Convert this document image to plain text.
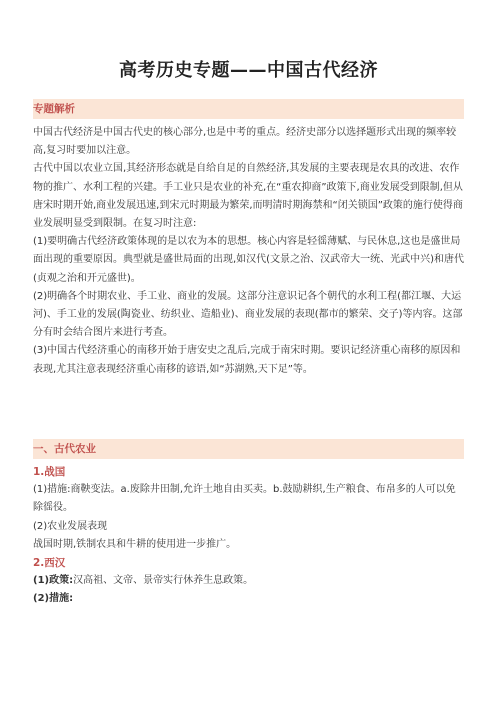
高考历史专题——中国古代经济
专题解析

中国古代经济是中国古代史的核心部分,也是中考的重点。经济史部分以选择题形式出现的频率较高,复习时要加以注意。

古代中国以农业立国,其经济形态就是自给自足的自然经济,其发展的主要表现是农具的改进、农作物的推广、水利工程的兴建。手工业只是农业的补充,在“重农抑商”政策下,商业发展受到限制,但从唐宋时期开始,商业发展迅速,到宋元时期最为繁荣,而明清时期海禁和“闭关锁国”政策的施行使得商业发展明显受到限制。在复习时注意:

(1)要明确古代经济政策体现的是以农为本的思想。核心内容是轻徭薄赋、与民休息,这也是盛世局面出现的重要原因。典型就是盛世局面的出现,如汉代(文景之治、汉武帝大一统、光武中兴)和唐代(贞观之治和开元盛世)。

(2)明确各个时期农业、手工业、商业的发展。这部分注意识记各个朝代的水利工程(都江堰、大运河)、手工业的发展(陶瓷业、纺织业、造船业)、商业发展的表现(都市的繁荣、交子)等内容。这部分有时会结合图片来进行考查。

(3)中国古代经济重心的南移开始于唐安史之乱后,完成于南宋时期。要识记经济重心南移的原因和表现,尤其注意表现经济重心南移的谚语,如“苏湖熟,天下足”等。

一、古代农业

1.战国

(1)措施:商鞅变法。a.废除井田制,允许土地自由买卖。b.鼓励耕织,生产粮食、布帛多的人可以免除徭役。

(2)农业发展表现

战国时期,铁制农具和牛耕的使用进一步推广。

2.西汉

(1)政策:汉高祖、文帝、景帝实行休养生息政策。

(2)措施:
